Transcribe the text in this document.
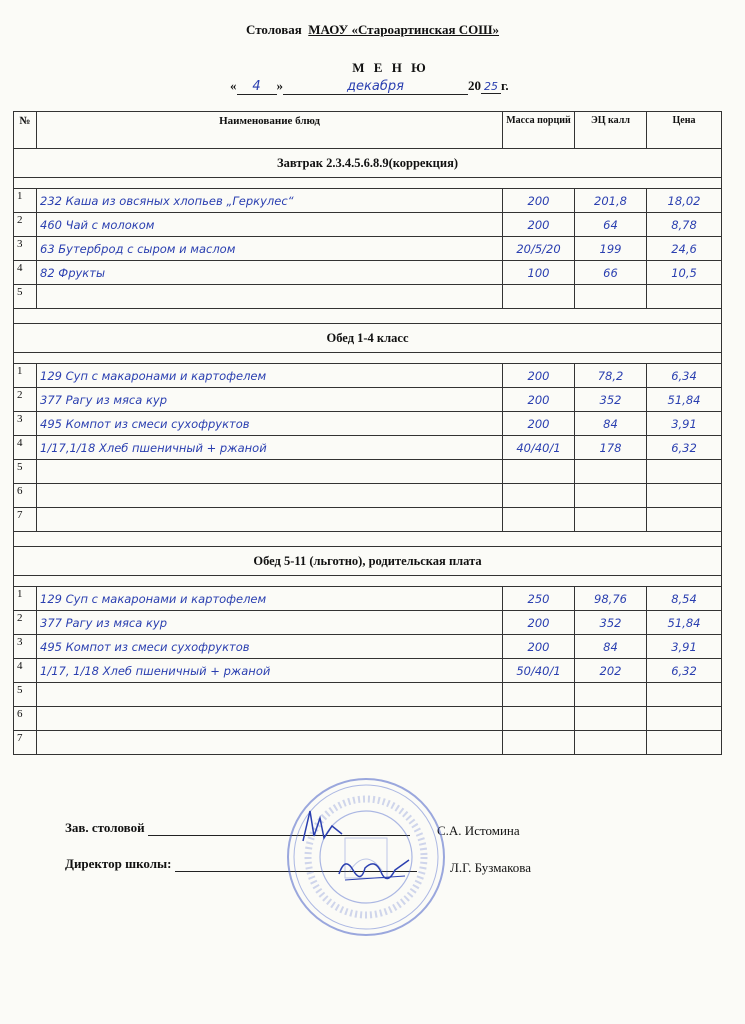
Столовая МАОУ «Староартинская СОШ»
М Е Н Ю
« 4 »	декабря	20 25 г.
№	Наименование блюд	Масса порций	ЭЦ калл	Цена
Завтрак 2.3.4.5.6.8.9(коррекция)				

1	232 Каша из овсяных хлопьев „Геркулес“	200	201,8	18,02
2	460 Чай с молоком	200	64	8,78
3	63 Бутерброд с сыром и маслом	20/5/20	199	24,6
4	82 Фрукты	100	66	10,5
5				

Обед 1-4 класс				

1	129 Суп с макаронами и картофелем	200	78,2	6,34
2	377 Рагу из мяса кур	200	352	51,84
3	495 Компот из смеси сухофруктов	200	84	3,91
4	1/17,1/18 Хлеб пшеничный + ржаной	40/40/1	178	6,32
5				
6				
7				

Обед 5-11 (льготно), родительская плата				

1	129 Суп с макаронами и картофелем	250	98,76	8,54
2	377 Рагу из мяса кур	200	352	51,84
3	495 Компот из смеси сухофруктов	200	84	3,91
4	1/17, 1/18 Хлеб пшеничный + ржаной	50/40/1	202	6,32
5				
6				
7				
Зав. столовой	С.А. Истомина
Директор школы:	Л.Г. Бузмакова
